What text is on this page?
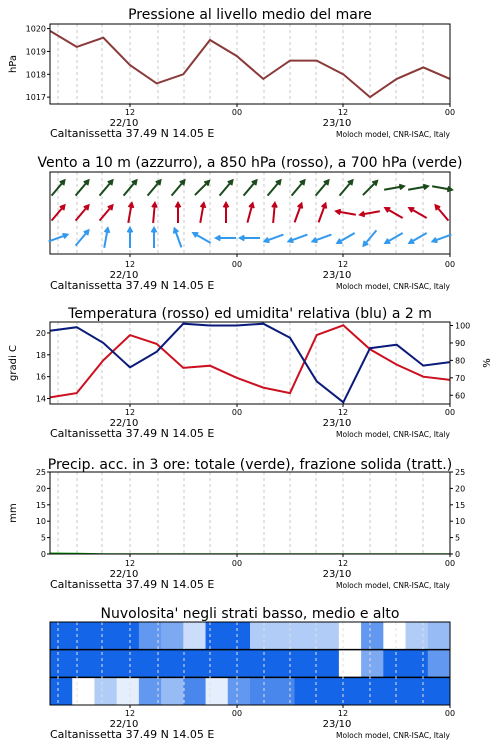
Pressione al livello medio del mare
1017
1018
1019
1020
hPa
12	00	12	00
22/10	23/10
Caltanissetta 37.49 N 14.05 E	Moloch model, CNR-ISAC, Italy
Vento a 10 m (azzurro), a 850 hPa (rosso), a 700 hPa (verde)
12	00	12	00
22/10	23/10
Caltanissetta 37.49 N 14.05 E	Moloch model, CNR-ISAC, Italy
Temperatura (rosso) ed umidita' relativa (blu) a 2 m
14
16
18
20
60
70
80
90
100
gradi C	%
12	00	12	00
22/10	23/10
Caltanissetta 37.49 N 14.05 E	Moloch model, CNR-ISAC, Italy
Precip. acc. in 3 ore: totale (verde), frazione solida (tratt.)
0
5
10
15
20
25
0
5
10
15
20
25
mm
12	00	12	00
22/10	23/10
Caltanissetta 37.49 N 14.05 E	Moloch model, CNR-ISAC, Italy
Nuvolosita' negli strati basso, medio e alto
12	00	12	00
22/10	23/10
Caltanissetta 37.49 N 14.05 E	Moloch model, CNR-ISAC, Italy
